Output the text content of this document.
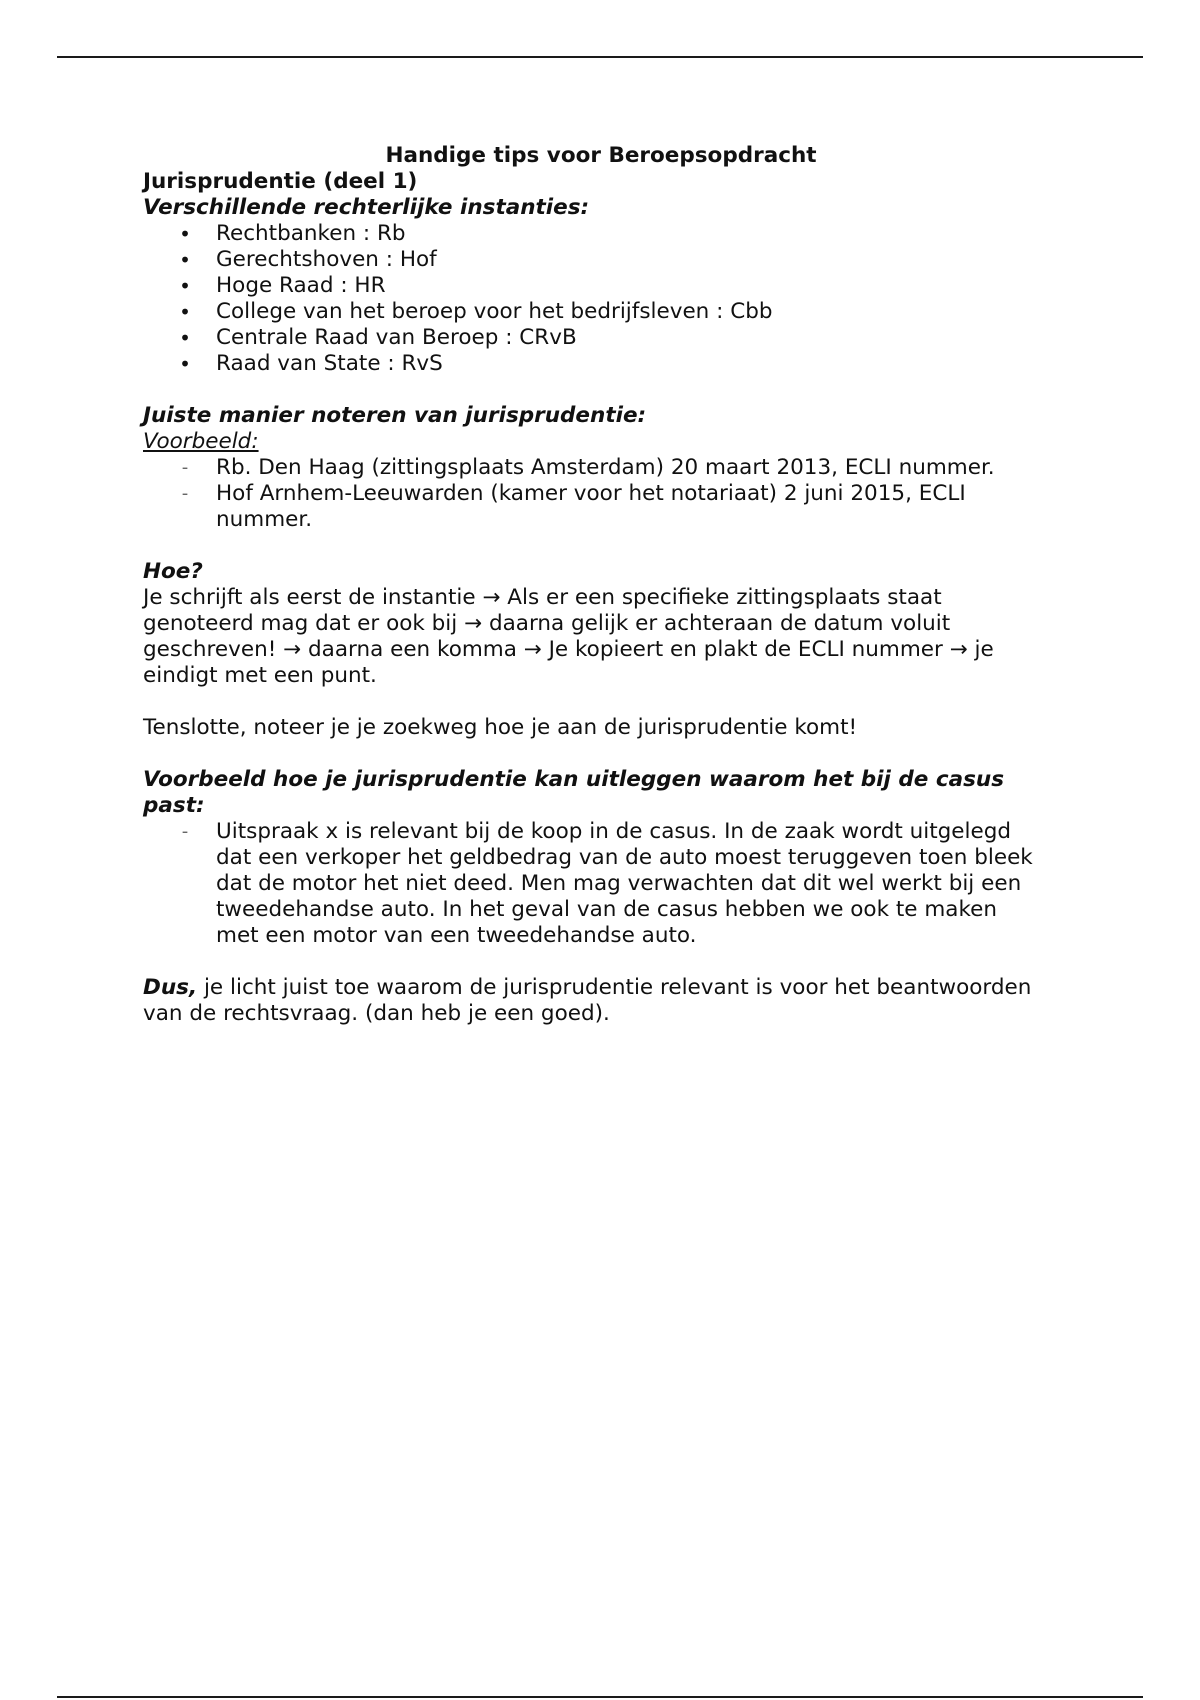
Handige tips voor Beroepsopdracht

Jurisprudentie (deel 1)

Verschillende rechterlijke instanties:

• Rechtbanken : Rb
• Gerechtshoven : Hof
• Hoge Raad : HR
• College van het beroep voor het bedrijfsleven : Cbb
• Centrale Raad van Beroep : CRvB
• Raad van State : RvS

Juiste manier noteren van jurisprudentie:

Voorbeeld:

-	Rb. Den Haag (zittingsplaats Amsterdam) 20 maart 2013, ECLI nummer.
-	Hof Arnhem-Leeuwarden (kamer voor het notariaat) 2 juni 2015, ECLI nummer.

Hoe?

Je schrijft als eerst de instantie → Als er een specifieke zittingsplaats staat genoteerd mag dat er ook bij → daarna gelijk er achteraan de datum voluit geschreven! → daarna een komma → Je kopieert en plakt de ECLI nummer → je eindigt met een punt.

Tenslotte, noteer je je zoekweg hoe je aan de jurisprudentie komt!

Voorbeeld hoe je jurisprudentie kan uitleggen waarom het bij de casus past:

-	Uitspraak x is relevant bij de koop in de casus. In de zaak wordt uitgelegd dat een verkoper het geldbedrag van de auto moest teruggeven toen bleek dat de motor het niet deed. Men mag verwachten dat dit wel werkt bij een tweedehandse auto. In het geval van de casus hebben we ook te maken met een motor van een tweedehandse auto.

Dus, je licht juist toe waarom de jurisprudentie relevant is voor het beantwoorden van de rechtsvraag. (dan heb je een goed).
